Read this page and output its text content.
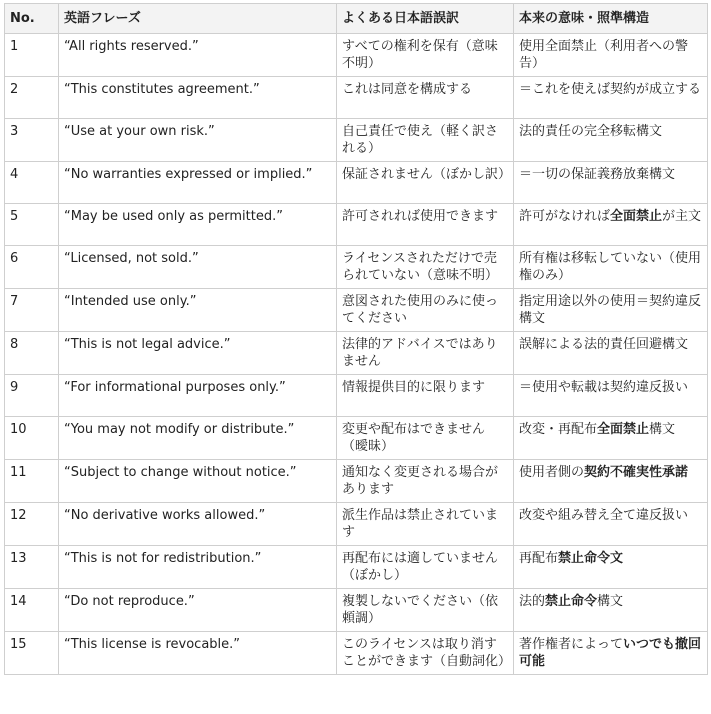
No.	英語フレーズ	よくある日本語誤訳	本来の意味・照準構造
1	“All rights reserved.”	すべての権利を保有（意味不明）	使用全面禁止（利用者への警告）
2	“This constitutes agreement.”	これは同意を構成する	＝これを使えば契約が成立する
3	“Use at your own risk.”	自己責任で使え（軽く訳される）	法的責任の完全移転構文
4	“No warranties expressed or implied.”	保証されません（ぼかし訳）	＝一切の保証義務放棄構文
5	“May be used only as permitted.”	許可されれば使用できます	許可がなければ全面禁止が主文
6	“Licensed, not sold.”	ライセンスされただけで売られていない（意味不明）	所有権は移転していない（使用権のみ）
7	“Intended use only.”	意図された使用のみに使ってください	指定用途以外の使用＝契約違反構文
8	“This is not legal advice.”	法律的アドバイスではありません	誤解による法的責任回避構文
9	“For informational purposes only.”	情報提供目的に限ります	＝使用や転載は契約違反扱い
10	“You may not modify or distribute.”	変更や配布はできません（曖昧）	改変・再配布全面禁止構文
11	“Subject to change without notice.”	通知なく変更される場合があります	使用者側の契約不確実性承諾
12	“No derivative works allowed.”	派生作品は禁止されています	改変や組み替え全て違反扱い
13	“This is not for redistribution.”	再配布には適していません（ぼかし）	再配布禁止命令文
14	“Do not reproduce.”	複製しないでください（依頼調）	法的禁止命令構文
15	“This license is revocable.”	このライセンスは取り消すことができます（自動詞化）	著作権者によっていつでも撤回可能
